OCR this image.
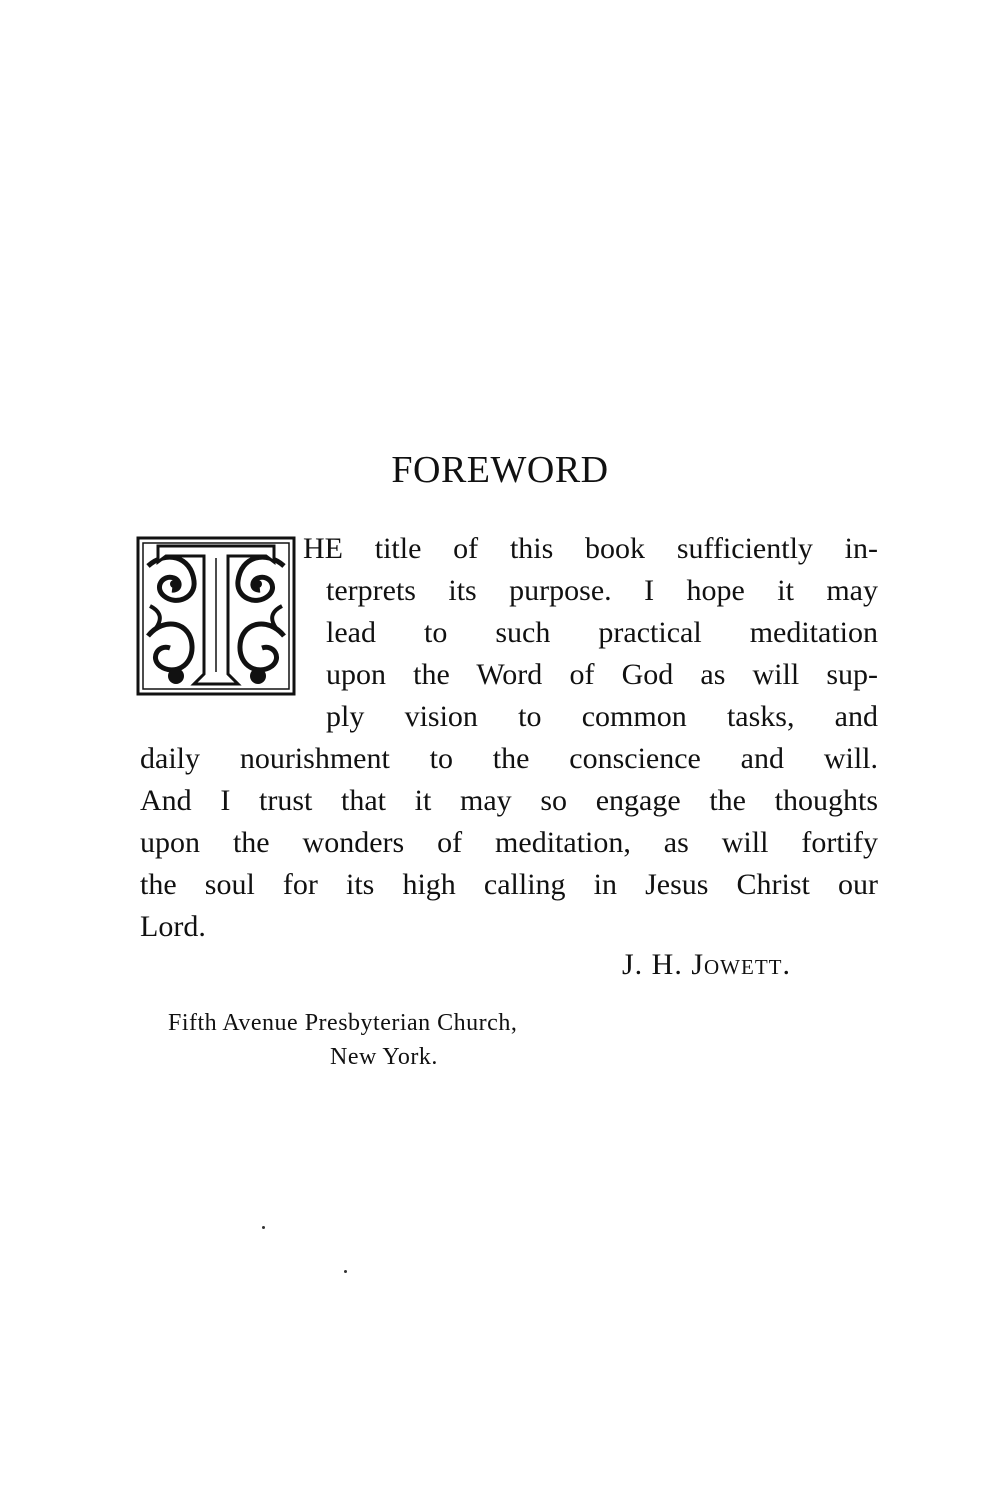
FOREWORD
HE title of this book sufficiently in-
terprets its purpose. I hope it may
lead to such practical meditation
upon the Word of God as will sup-
ply vision to common tasks, and
daily nourishment to the conscience and will.
And I trust that it may so engage the thoughts
upon the wonders of meditation, as will fortify
the soul for its high calling in Jesus Christ our
Lord.
J. H. Jowett.
Fifth Avenue Presbyterian Church,
New York.
